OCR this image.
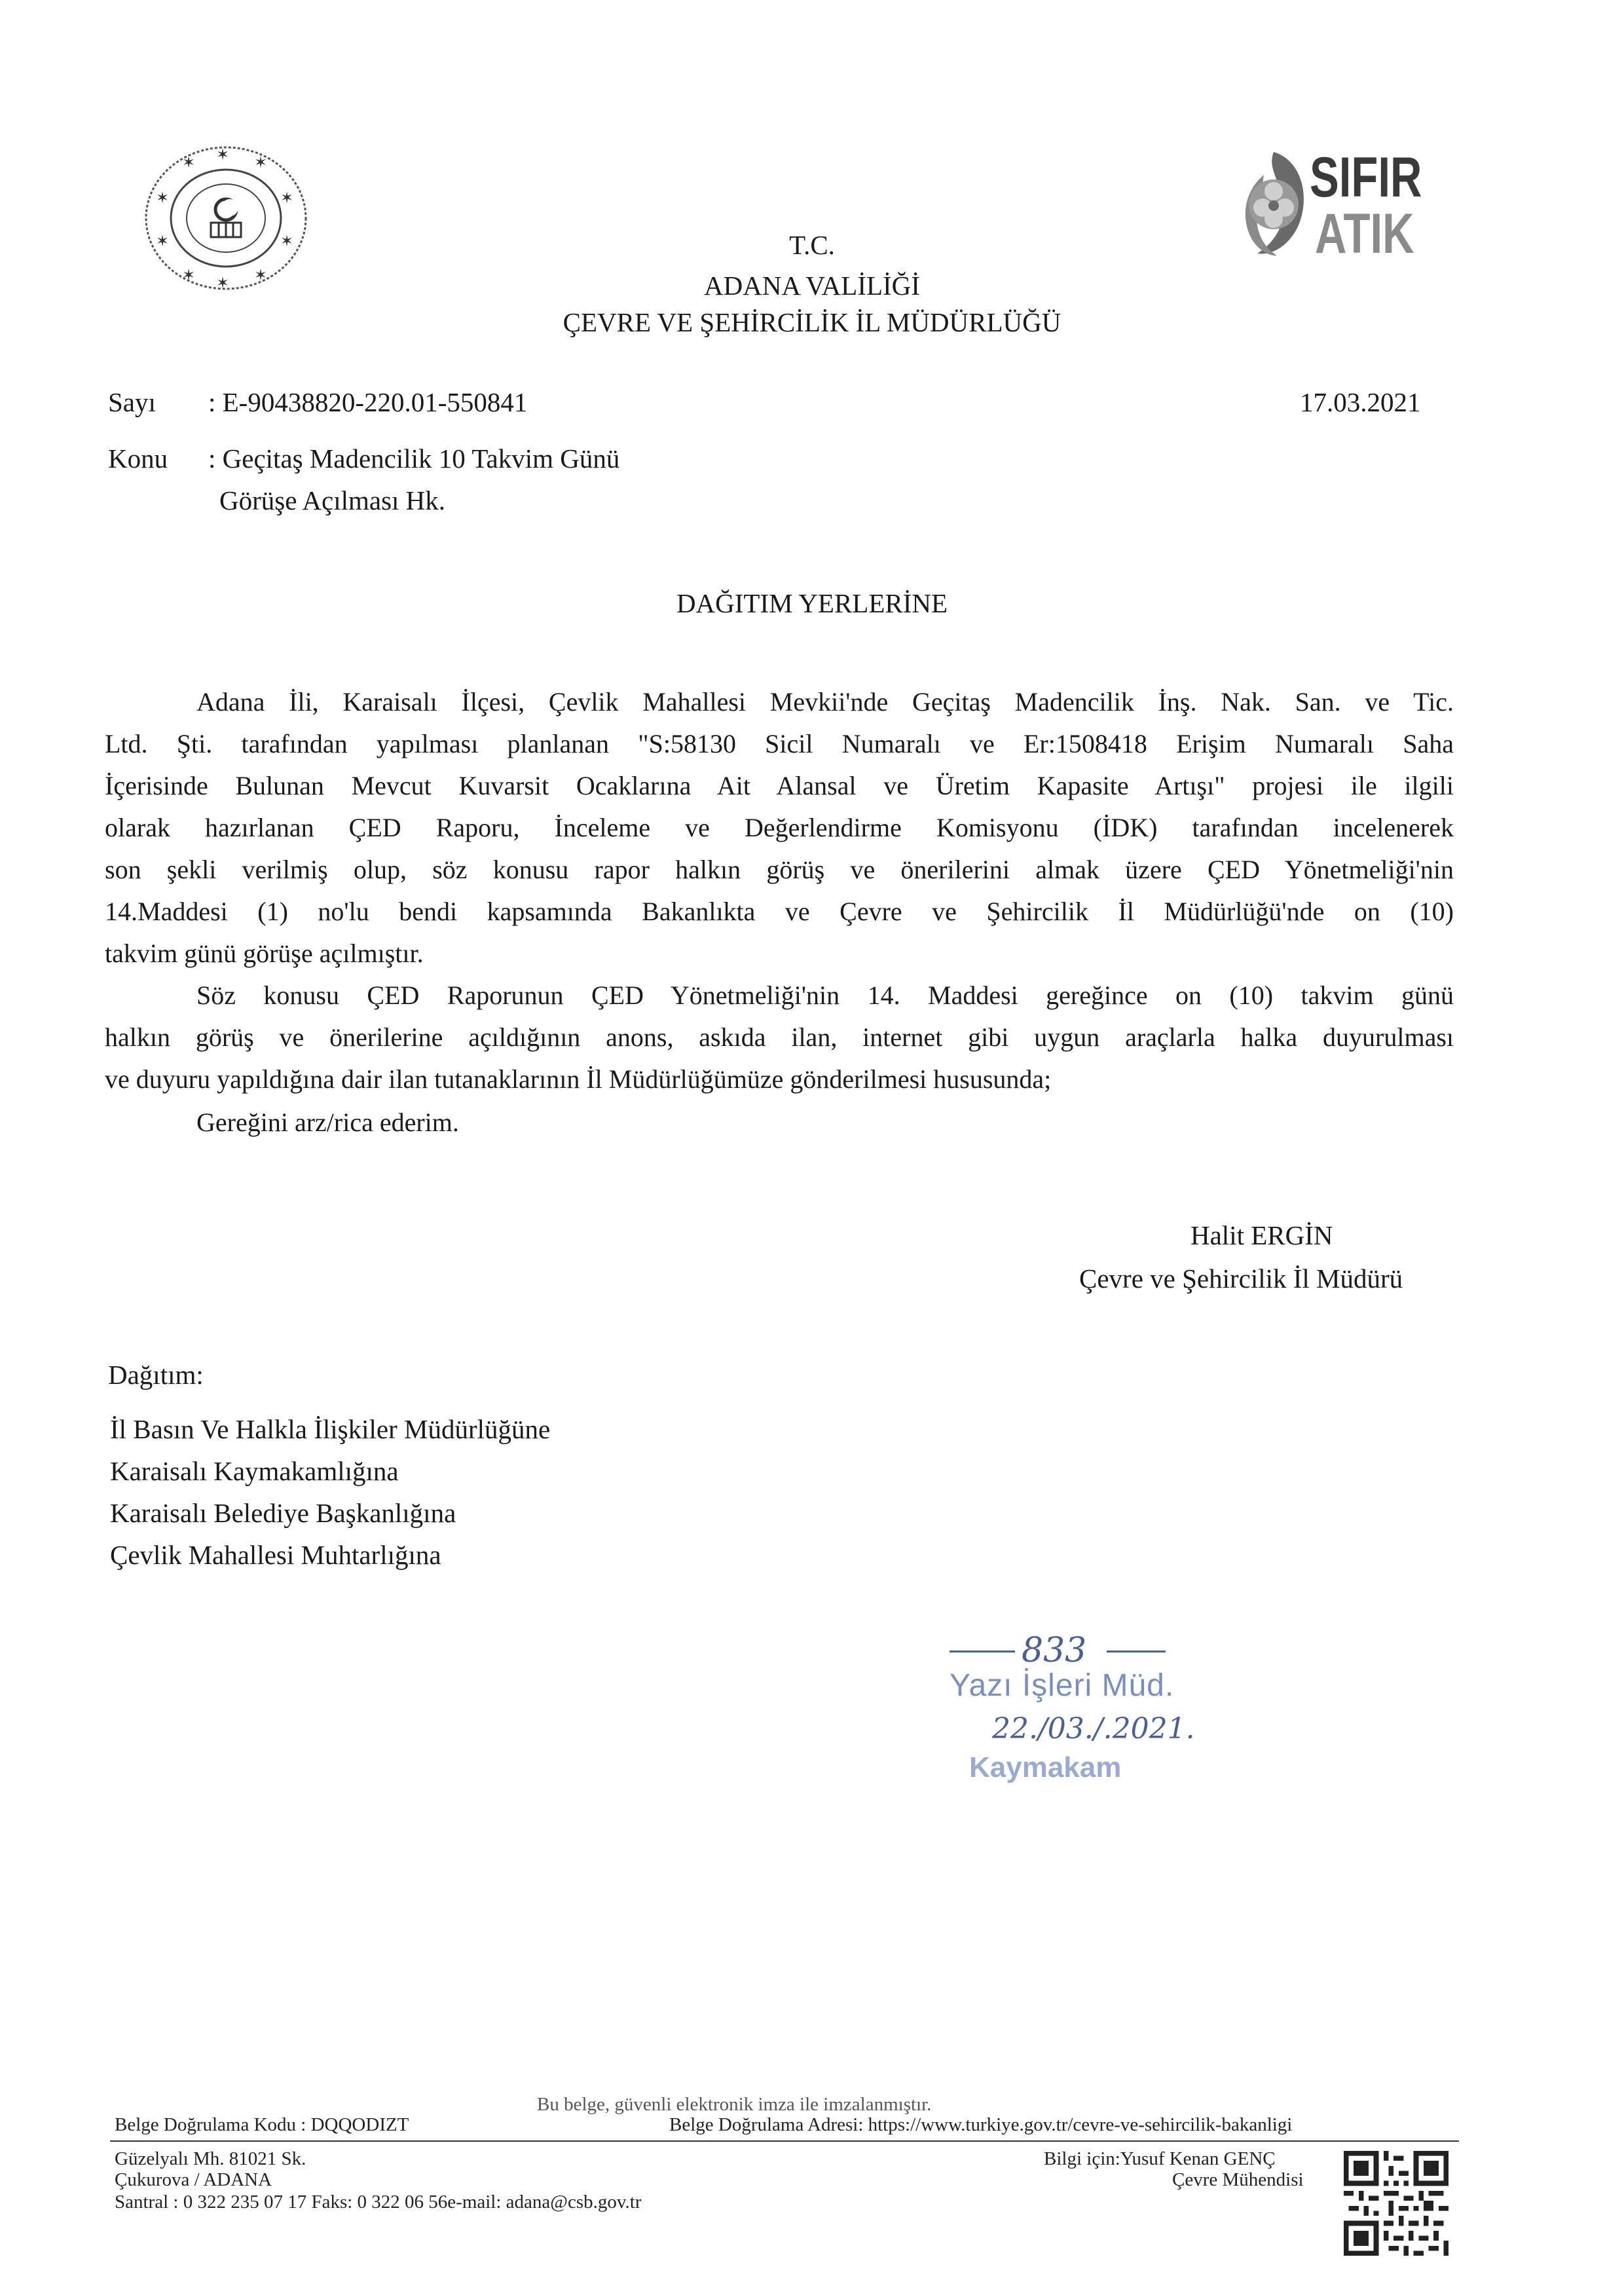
✶ ✶ ✶
✶	✶
✶	✶
✶ ✶ ✶
SIFIR
ATIK
T.C.
ADANA VALİLİĞİ
ÇEVRE VE ŞEHİRCİLİK İL MÜDÜRLÜĞÜ
Sayı : E-90438820-220.01-550841	17.03.2021
Konu : Geçitaş Madencilik 10 Takvim Günü
Görüşe Açılması Hk.
DAĞITIM YERLERİNE
Adana İli, Karaisalı İlçesi, Çevlik Mahallesi Mevkii'nde Geçitaş Madencilik İnş. Nak. San. ve Tic.
Ltd. Şti. tarafından yapılması planlanan "S:58130 Sicil Numaralı ve Er:1508418 Erişim Numaralı Saha
İçerisinde Bulunan Mevcut Kuvarsit Ocaklarına Ait Alansal ve Üretim Kapasite Artışı" projesi ile ilgili
olarak hazırlanan ÇED Raporu, İnceleme ve Değerlendirme Komisyonu (İDK) tarafından incelenerek
son şekli verilmiş olup, söz konusu rapor halkın görüş ve önerilerini almak üzere ÇED Yönetmeliği'nin
14.Maddesi (1) no'lu bendi kapsamında Bakanlıkta ve Çevre ve Şehircilik İl Müdürlüğü'nde on (10)
takvim günü görüşe açılmıştır.
Söz konusu ÇED Raporunun ÇED Yönetmeliği'nin 14. Maddesi gereğince on (10) takvim günü
halkın görüş ve önerilerine açıldığının anons, askıda ilan, internet gibi uygun araçlarla halka duyurulması
ve duyuru yapıldığına dair ilan tutanaklarının İl Müdürlüğümüze gönderilmesi hususunda;
Gereğini arz/rica ederim.
Halit ERGİN
Çevre ve Şehircilik İl Müdürü
Dağıtım:
İl Basın Ve Halkla İlişkiler Müdürlüğüne
Karaisalı Kaymakamlığına
Karaisalı Belediye Başkanlığına
Çevlik Mahallesi Muhtarlığına
833
Yazı İşleri Müd.
22./03./.2021.
Kaymakam
Bu belge, güvenli elektronik imza ile imzalanmıştır.
Belge Doğrulama Kodu : DQQODIZT	Belge Doğrulama Adresi: https://www.turkiye.gov.tr/cevre-ve-sehircilik-bakanligi
Güzelyalı Mh. 81021 Sk.
Çukurova / ADANA
Santral : 0 322 235 07 17 Faks: 0 322 06 56e-mail: adana@csb.gov.tr
Bilgi için:Yusuf Kenan GENÇ
Çevre Mühendisi
